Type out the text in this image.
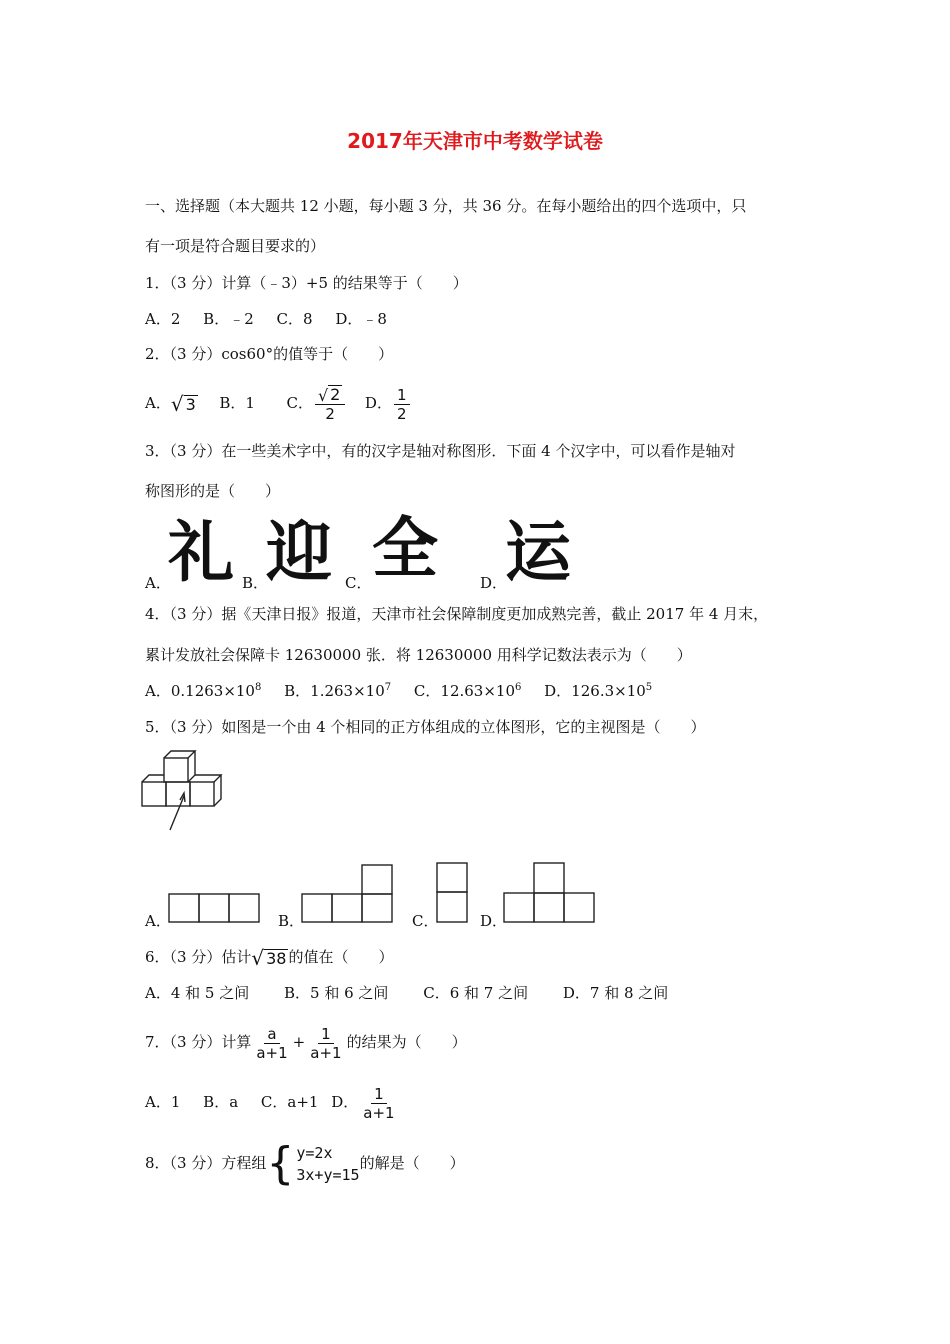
2017年天津市中考数学试卷
一、选择题（本大题共 12 小题，每小题 3 分，共 36 分。在每小题给出的四个选项中，只
有一项是符合题目要求的）
1．（3 分）计算（﹣3）+5 的结果等于（　　）
A．2 B．﹣2 C．8 D．﹣8
2．（3 分）cos60°的值等于（　　）
A． √ 3 B．1 C． $\frac{√ 2}{2}$ D． $\frac{1}{2}$
3．（3 分）在一些美术字中，有的汉字是轴对称图形．下面 4 个汉字中，可以看作是轴对
称图形的是（　　）
A．
礼 B．
迎 C． 全	D．
运
4．（3 分）据《天津日报》报道，天津市社会保障制度更加成熟完善，截止 2017 年 4 月末，
累计发放社会保障卡 12630000 张．将 12630000 用科学记数法表示为（　　）
A．$0.1263\times 10^8$ B．$1.263\times 10^7$ C．$12.63\times 10^6$ D．$126.3\times 10^5$
5．（3 分）如图是一个由 4 个相同的正方体组成的立体图形，它的主视图是（　　）
A．	B．	C．	D．
6．（3 分）估计 √ 38 的值在（　　）
A．4 和 5 之间 B．5 和 6 之间 C．6 和 7 之间 D．7 和 8 之间
7．（3 分）计算 $\frac{a}{a+1} + \frac{1}{a+1}$ 的结果为（　　）
A．1 B．a C．a+1 D． $\frac{1}{a+1}$
8．（3 分）方程组 { y=2x
3x+y=15
的解是（　　）
